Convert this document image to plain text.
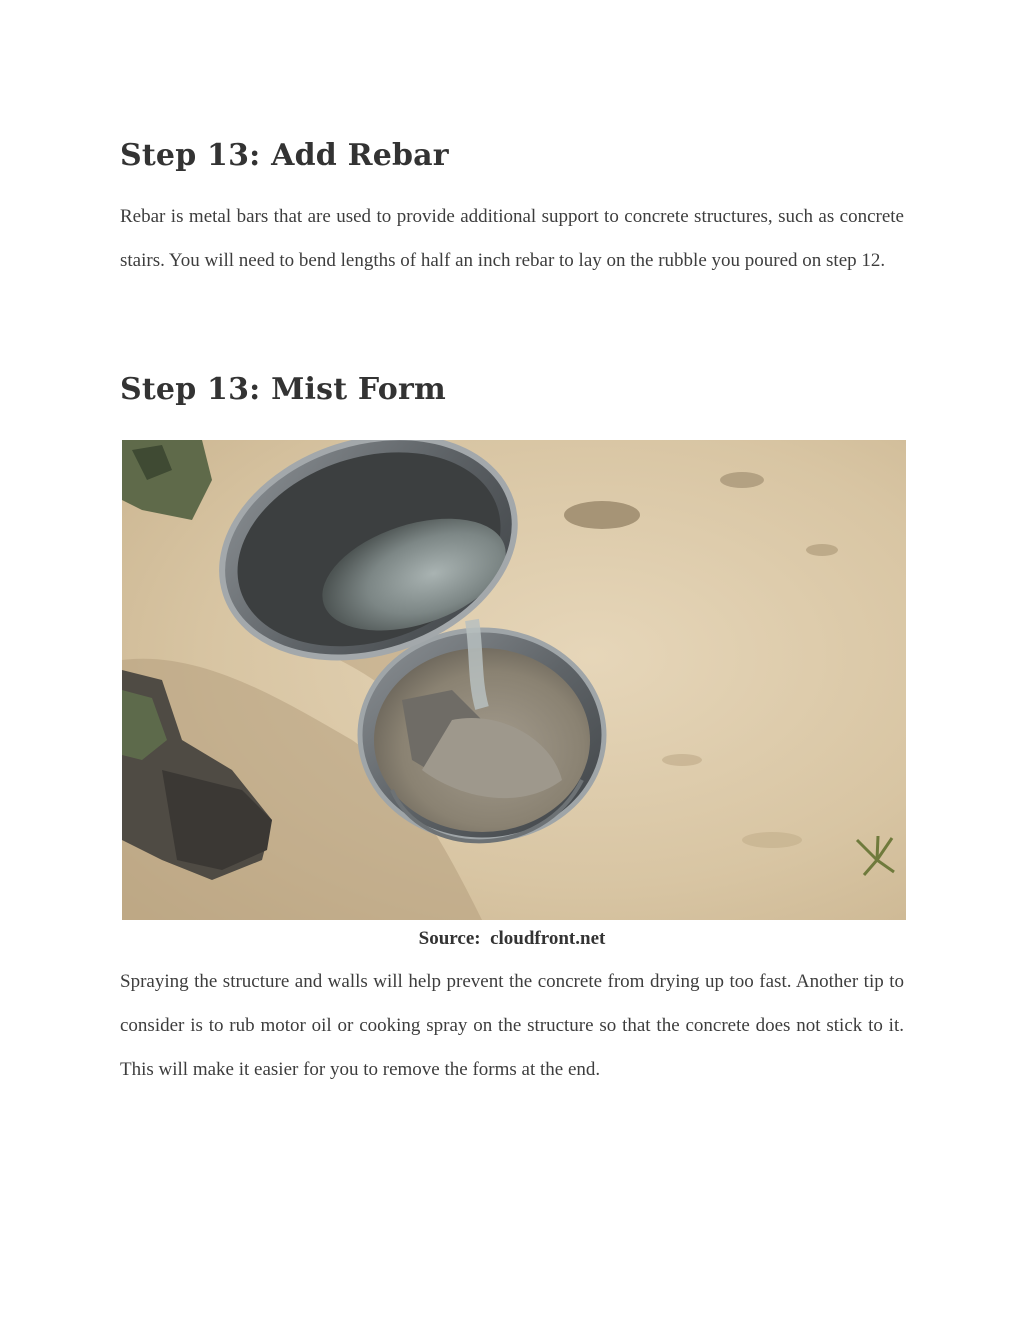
Step 13: Add Rebar

Rebar is metal bars that are used to provide additional support to concrete structures, such as concrete stairs. You will need to bend lengths of half an inch rebar to lay on the rubble you poured on step 12.

Step 13: Mist Form

Source:  cloudfront.net

Spraying the structure and walls will help prevent the concrete from drying up too fast. Another tip to consider is to rub motor oil or cooking spray on the structure so that the concrete does not stick to it. This will make it easier for you to remove the forms at the end.
